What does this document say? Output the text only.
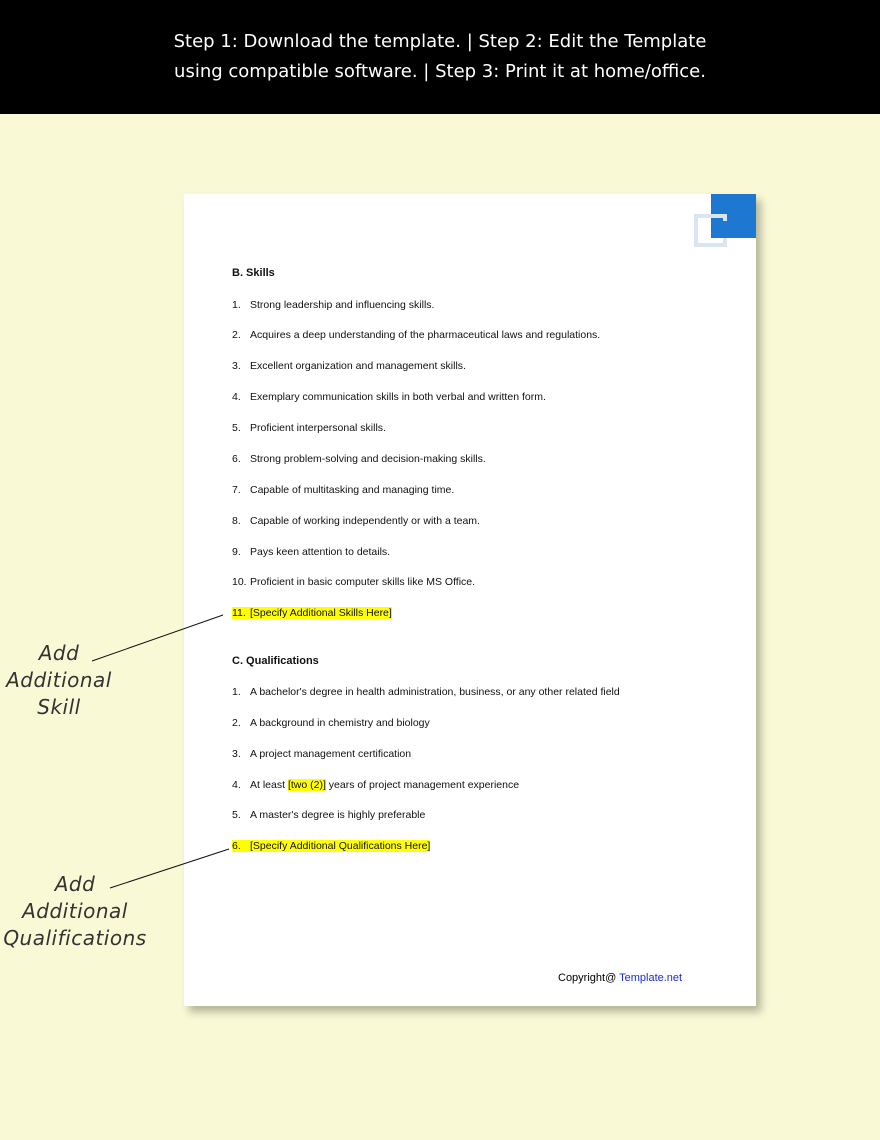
Step 1: Download the template. | Step 2: Edit the Template
using compatible software. | Step 3: Print it at home/office.
B. Skills
1. Strong leadership and influencing skills.
2. Acquires a deep understanding of the pharmaceutical laws and regulations.
3. Excellent organization and management skills.
4. Exemplary communication skills in both verbal and written form.
5. Proficient interpersonal skills.
6. Strong problem-solving and decision-making skills.
7. Capable of multitasking and managing time.
8. Capable of working independently or with a team.
9. Pays keen attention to details.
10. Proficient in basic computer skills like MS Office.
11. [Specify Additional Skills Here]
C. Qualifications
1. A bachelor's degree in health administration, business, or any other related field
2. A background in chemistry and biology
3. A project management certification
4. At least [two (2)] years of project management experience
5. A master's degree is highly preferable
6. [Specify Additional Qualifications Here]
Copyright@ Template.net
Add
Additional
Skill
Add
Additional
Qualifications
